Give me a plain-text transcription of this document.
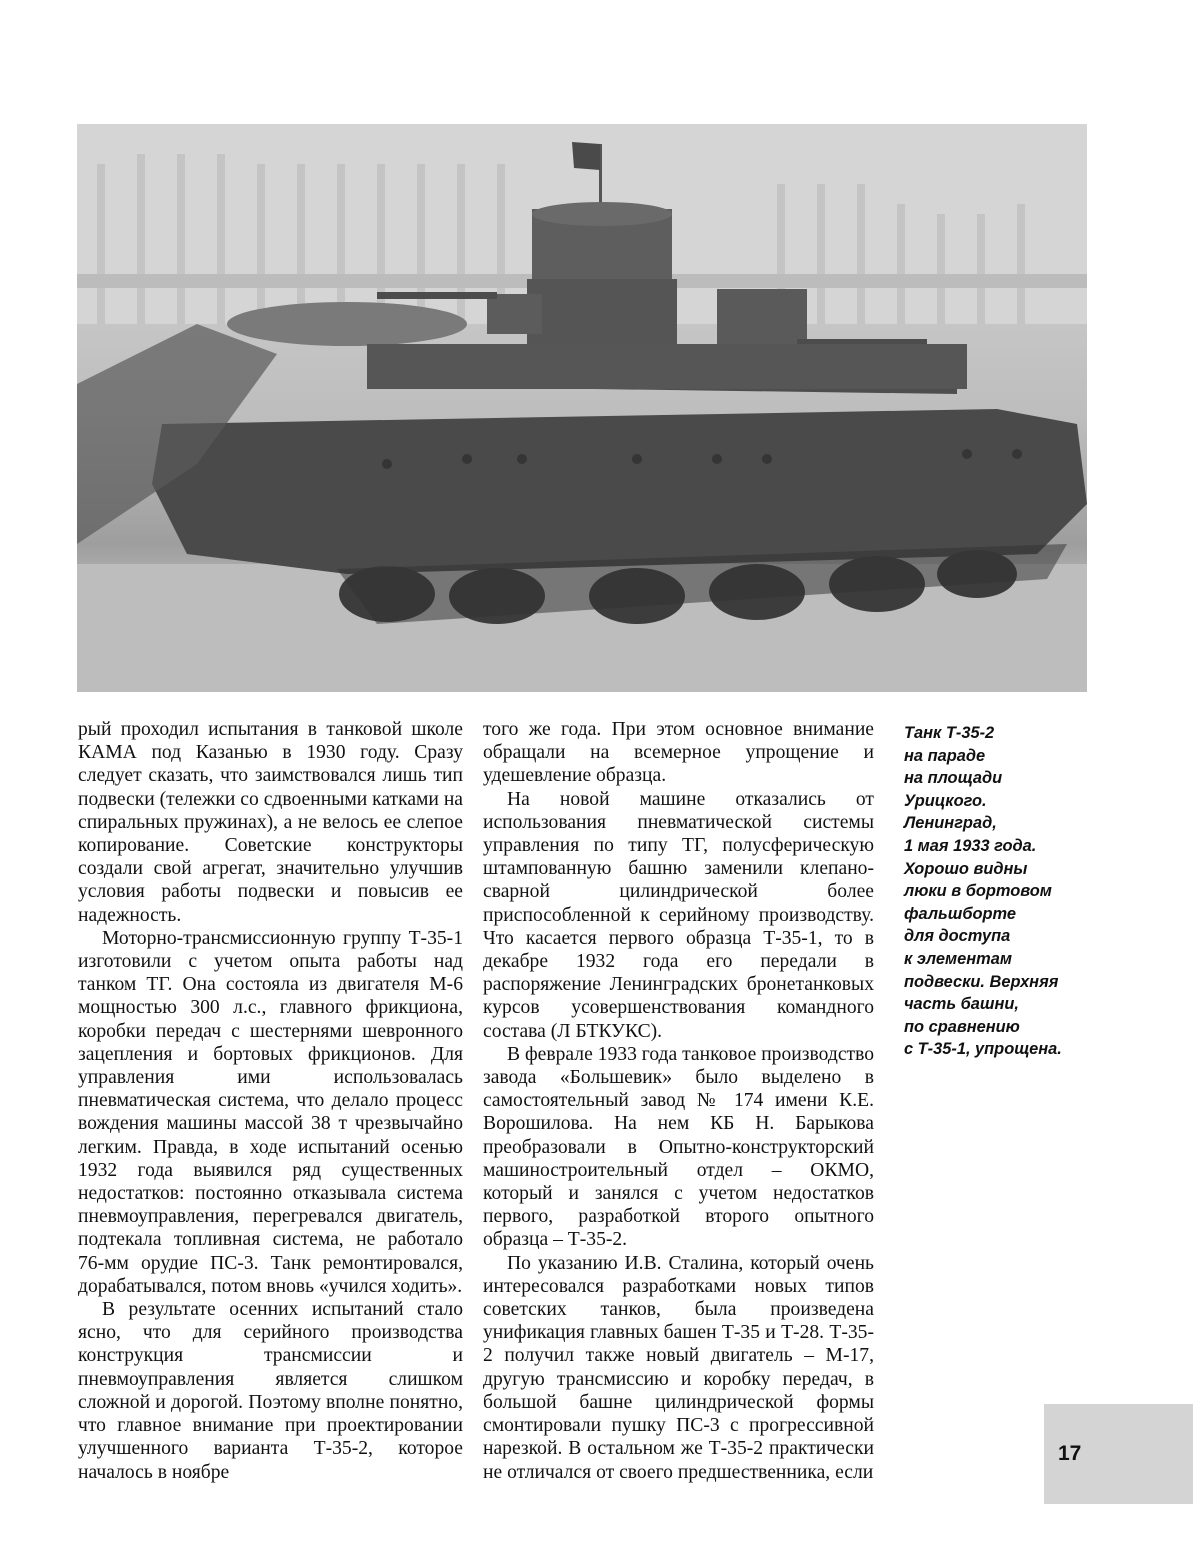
рый проходил испытания в танковой школе КАМА под Казанью в 1930 году. Сразу следует сказать, что заимствовался лишь тип подвески (тележки со сдвоенными катками на спиральных пружинах), а не велось ее слепое копирование. Советские конструкторы создали свой агрегат, значительно улучшив условия работы подвески и повысив ее надежность.

Моторно-трансмиссионную группу Т-35-1 изготовили с учетом опыта работы над танком ТГ. Она состояла из двигателя М-6 мощностью 300 л.с., главного фрикциона, коробки передач с шестернями шевронного зацепления и бортовых фрикционов. Для управления ими использовалась пневматическая система, что делало процесс вождения машины массой 38 т чрезвычайно легким. Правда, в ходе испытаний осенью 1932 года выявился ряд существенных недостатков: постоянно отказывала система пневмоуправления, перегревался двигатель, подтекала топливная система, не работало 76-мм орудие ПС-3. Танк ремонтировался, дорабатывался, потом вновь «учился ходить».

В результате осенних испытаний стало ясно, что для серийного производства конструкция трансмиссии и пневмоуправления является слишком сложной и дорогой. Поэтому вполне понятно, что главное внимание при проектировании улучшенного варианта Т-35-2, которое началось в ноябре

того же года. При этом основное внимание обращали на всемерное упрощение и удешевление образца.

На новой машине отказались от использования пневматической системы управления по типу ТГ, полусферическую штампованную башню заменили клепано-сварной цилиндрической более приспособленной к серийному производству. Что касается первого образца Т-35-1, то в декабре 1932 года его передали в распоряжение Ленинградских бронетанковых курсов усовершенствования командного состава (Л БТКУКС).

В феврале 1933 года танковое производство завода «Большевик» было выделено в самостоятельный завод № 174 имени К.Е. Ворошилова. На нем КБ Н. Барыкова преобразовали в Опытно-конструкторский машиностроительный отдел – ОКМО, который и занялся с учетом недостатков первого, разработкой второго опытного образца – Т-35-2.

По указанию И.В. Сталина, который очень интересовался разработками новых типов советских танков, была произведена унификация главных башен Т-35 и Т-28. Т-35-2 получил также новый двигатель – М-17, другую трансмиссию и коробку передач, в большой башне цилиндрической формы смонтировали пушку ПС-3 с прогрессивной нарезкой. В остальном же Т-35-2 практически не отличался от своего предшественника, если

Танк Т-35-2
на параде
на площади
Урицкого.
Ленинград,
1 мая 1933 года.
Хорошо видны
люки в бортовом
фальшборте
для доступа
к элементам
подвески. Верхняя
часть башни,
по сравнению
с Т-35-1, упрощена.
17
